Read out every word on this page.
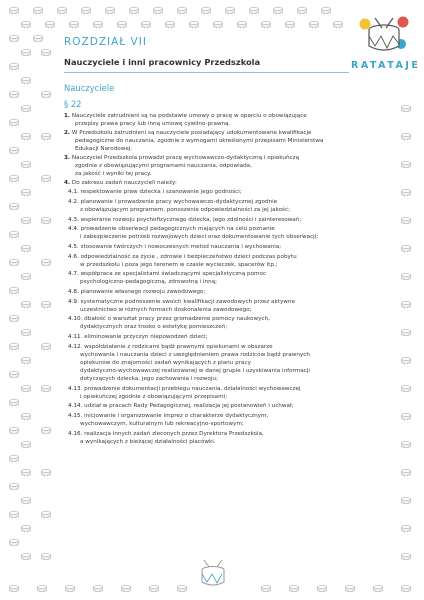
RATATAJE
ROZDZIAŁ VII
Nauczyciele i inni pracownicy Przedszkola
Nauczyciele
§ 22
1. Nauczyciele zatrudnieni są na podstawie umowy o pracę w oparciu o obowiązujące
przepisy prawa pracy lub inną umowę cywilno-prawną.
2. W Przedszkolu zatrudnieni są nauczyciele posiadający udokumentowane kwalifikacje
pedagogiczne do nauczania, zgodnie z wymogami określonymi przepisami Ministerstwa
Edukacji Narodowej.
3. Nauczyciel Przedszkola prowadzi pracę wychowawczo-dydaktyczną i opiekuńczą
zgodnie z obowiązującymi programami nauczania, odpowiada,
za jakość i wyniki tej pracy.
4. Do zakresu zadań nauczycieli należy:
4.1. respektowanie praw dziecka i szanowanie jego godności;
4.2. planowanie i prowadzenie pracy wychowawczo-dydaktycznej zgodnie
z obowiązującym programem, ponoszenie odpowiedzialności za jej jakość;
4.3. wspieranie rozwoju psychofizycznego dziecka, jego zdolności i zainteresowań;
4.4. prowadzenie obserwacji pedagogicznych mających na celu poznanie
i zabezpieczenie potrzeb rozwojowych dzieci oraz dokumentowanie tych obserwacji;
4.5. stosowanie twórczych i nowoczesnych metod nauczania i wychowania;
4.6. odpowiedzialność za życie , zdrowie i bezpieczeństwo dzieci podczas pobytu
w przedszkolu i poza jego terenem w czasie wycieczek, spacerów itp.;
4.7. współpraca ze specjalistami świadczącymi specjalistyczną pomoc
psychologiczno-pedagogiczną, zdrowotną i inną;
4.8. planowanie własnego rozwoju zawodowego;
4.9. systematyczne podnoszenie swoich kwalifikacji zawodowych przez aktywne
uczestnictwo w różnych formach doskonalenia zawodowego;
4.10. dbałość o warsztat pracy przez gromadzenie pomocy naukowych,
dydaktycznych oraz trosko o estetykę pomieszczeń;
4.11. eliminowanie przyczyn niepowodzeń dzieci;
4.12. współdziałanie z rodzicami bądź prawnymi opiekunami w obszarze
wychowania i nauczania dzieci z uwzględnieniem prawa rodziców bądź prawnych
opiekunów do znajomości zadań wynikających z planu pracy
dydaktyczno-wychowawczej realizowanej w danej grupie i uzyskiwania informacji
dotyczących dziecka, jego zachowania i rozwoju;
4.13. prowadzenie dokumentacji przebiegu nauczania, działalności wychowawczej
i opiekuńczej zgodnie z obowiązującymi przepisami;
4.14. udział w pracach Rady Pedagogicznej, realizacja jej postanowień i uchwał;
4.15. inicjowanie i organizowanie imprez o charakterze dydaktycznym,
wychowawczym, kulturalnym lub rekreacyjno-sportowym;
4.16. realizacja innych zadań zleconych przez Dyrektora Przedszkola,
a wynikających z bieżącej działalności placówki.
